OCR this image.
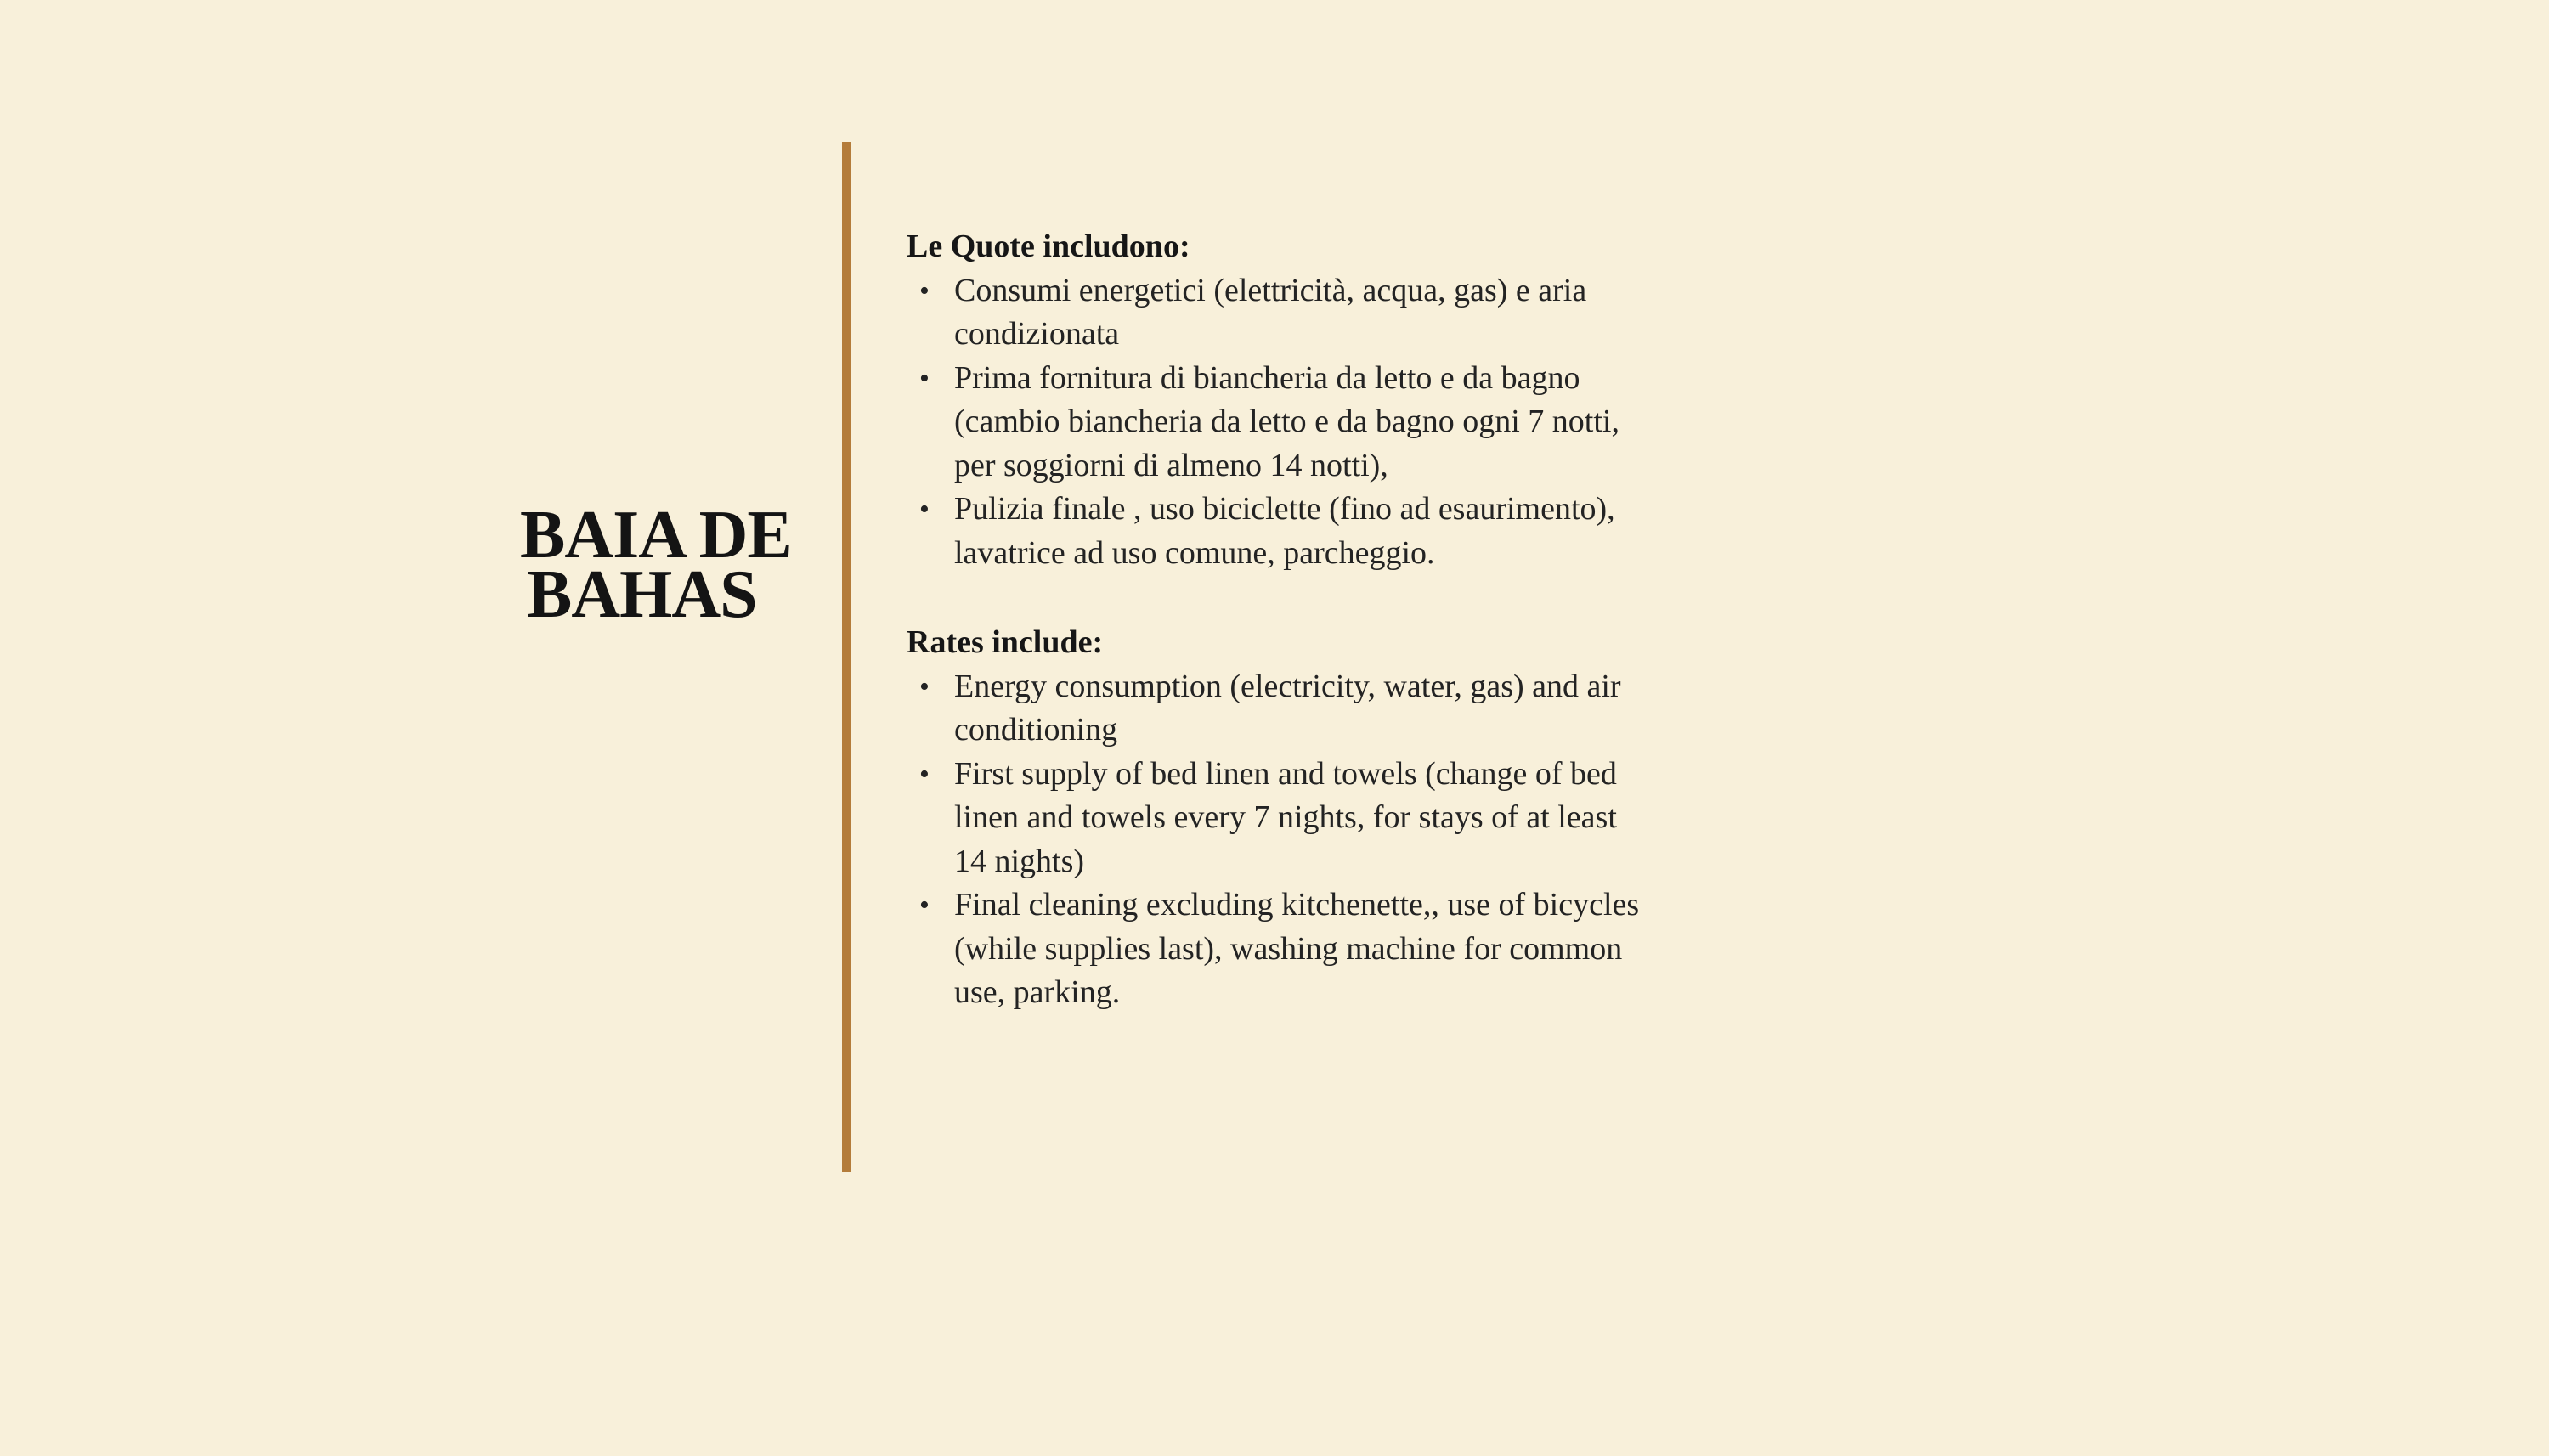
BAIA DE
BAHAS
Le Quote includono:
• Consumi energetici (elettricità, acqua, gas) e aria condizionata
• Prima fornitura di biancheria da letto e da bagno (cambio biancheria da letto e da bagno ogni 7 notti, per soggiorni di almeno 14 notti),
• Pulizia finale , uso biciclette (fino ad esaurimento), lavatrice ad uso comune, parcheggio.
Rates include:
• Energy consumption (electricity, water, gas) and air conditioning
• First supply of bed linen and towels (change of bed linen and towels every 7 nights, for stays of at least 14 nights)
• Final cleaning excluding kitchenette,, use of bicycles (while supplies last), washing machine for common use, parking.
